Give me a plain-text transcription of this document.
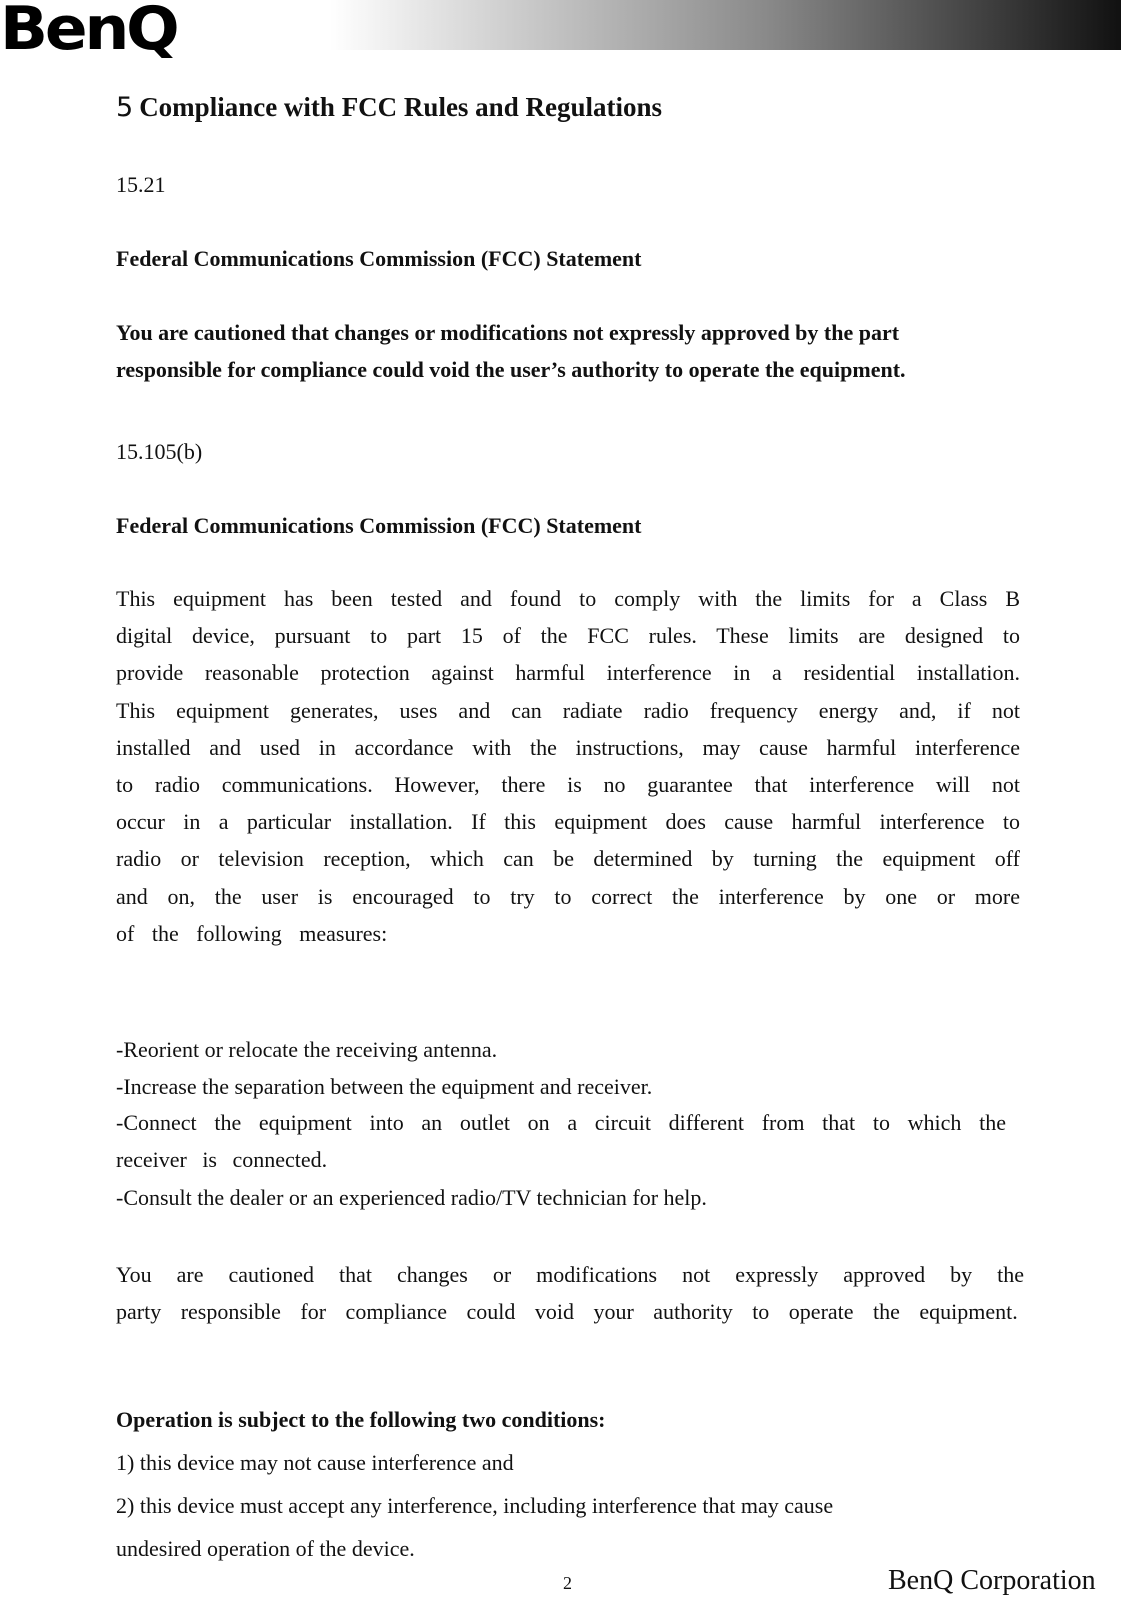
BenQ
5 Compliance with FCC Rules and Regulations
15.21
Federal Communications Commission (FCC) Statement
You are cautioned that changes or modifications not expressly approved by the part
responsible for compliance could void the user’s authority to operate the equipment.
15.105(b)
Federal Communications Commission (FCC) Statement
This equipment has been tested and found to comply with the limits for a Class B digital device, pursuant to part 15 of the FCC rules. These limits are designed to provide reasonable protection against harmful interference in a residential installation. This equipment generates, uses and can radiate radio frequency energy and, if not installed and used in accordance with the instructions, may cause harmful interference to radio communications. However, there is no guarantee that interference will not occur in a particular installation. If this equipment does cause harmful interference to radio or television reception, which can be determined by turning the equipment off and on, the user is encouraged to try to correct the interference by one or more of the following measures:
-Reorient or relocate the receiving antenna.
-Increase the separation between the equipment and receiver.
-Connect the equipment into an outlet on a circuit different from that to which the receiver is connected.
-Consult the dealer or an experienced radio/TV technician for help.
You are cautioned that changes or modifications not expressly approved by the party responsible for compliance could void your authority to operate the equipment.
Operation is subject to the following two conditions:
1) this device may not cause interference and
2) this device must accept any interference, including interference that may cause
undesired operation of the device.
2	BenQ Corporation
